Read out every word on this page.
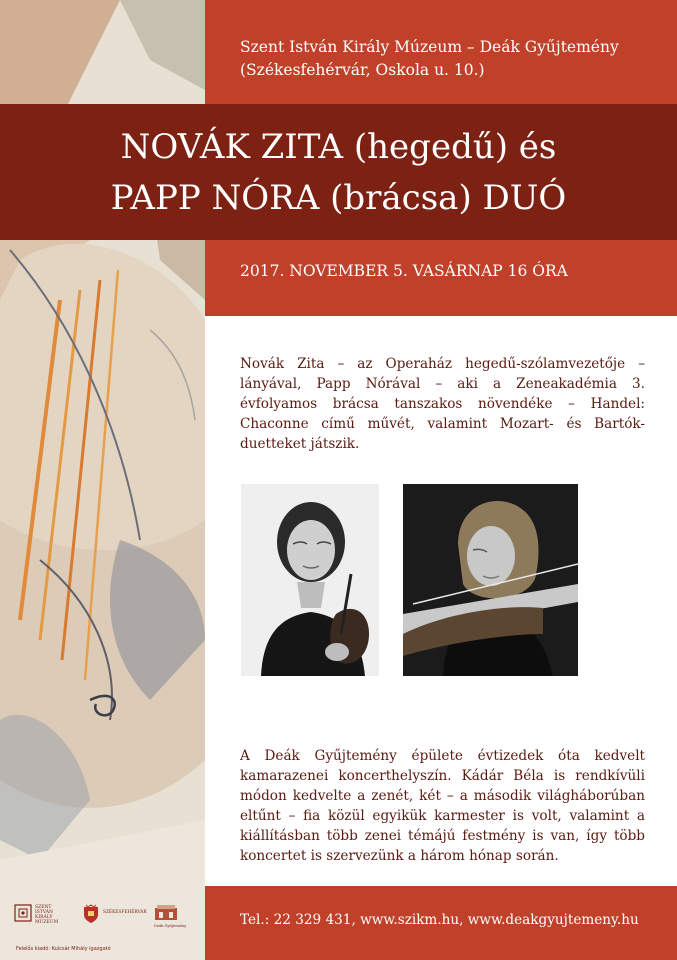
Szent István Király Múzeum – Deák Gyűjtemény
(Székesfehérvár, Oskola u. 10.)
NOVÁK ZITA (hegedű) és
PAPP NÓRA (brácsa) DUÓ
2017. NOVEMBER 5. VASÁRNAP 16 ÓRA

Novák Zita – az Operaház hegedű-szólamvezetője – lányával, Papp Nórával – aki a Zeneakadémia 3. évfolyamos brácsa tanszakos növendéke – Handel: Chaconne című művét, valamint Mozart- és Bartók-duetteket játszik.

A Deák Gyűjtemény épülete évtizedek óta kedvelt kamarazenei koncerthelyszín. Kádár Béla is rendkívüli módon kedvelte a zenét, két – a második világháborúban eltűnt – fia közül egyikük karmester is volt, valamint a kiállításban több zenei témájú festmény is van, így több koncertet is szervezünk a három hónap során.

Tel.: 22 329 431, www.szikm.hu, www.deakgyujtemeny.hu
SZENT
ISTVÁN
KIRÁLY
MÚZEUM
SZÉKESFEHÉRVÁR
Deák Gyűjtemény
Felelős kiadó: Kulcsár Mihály igazgató
